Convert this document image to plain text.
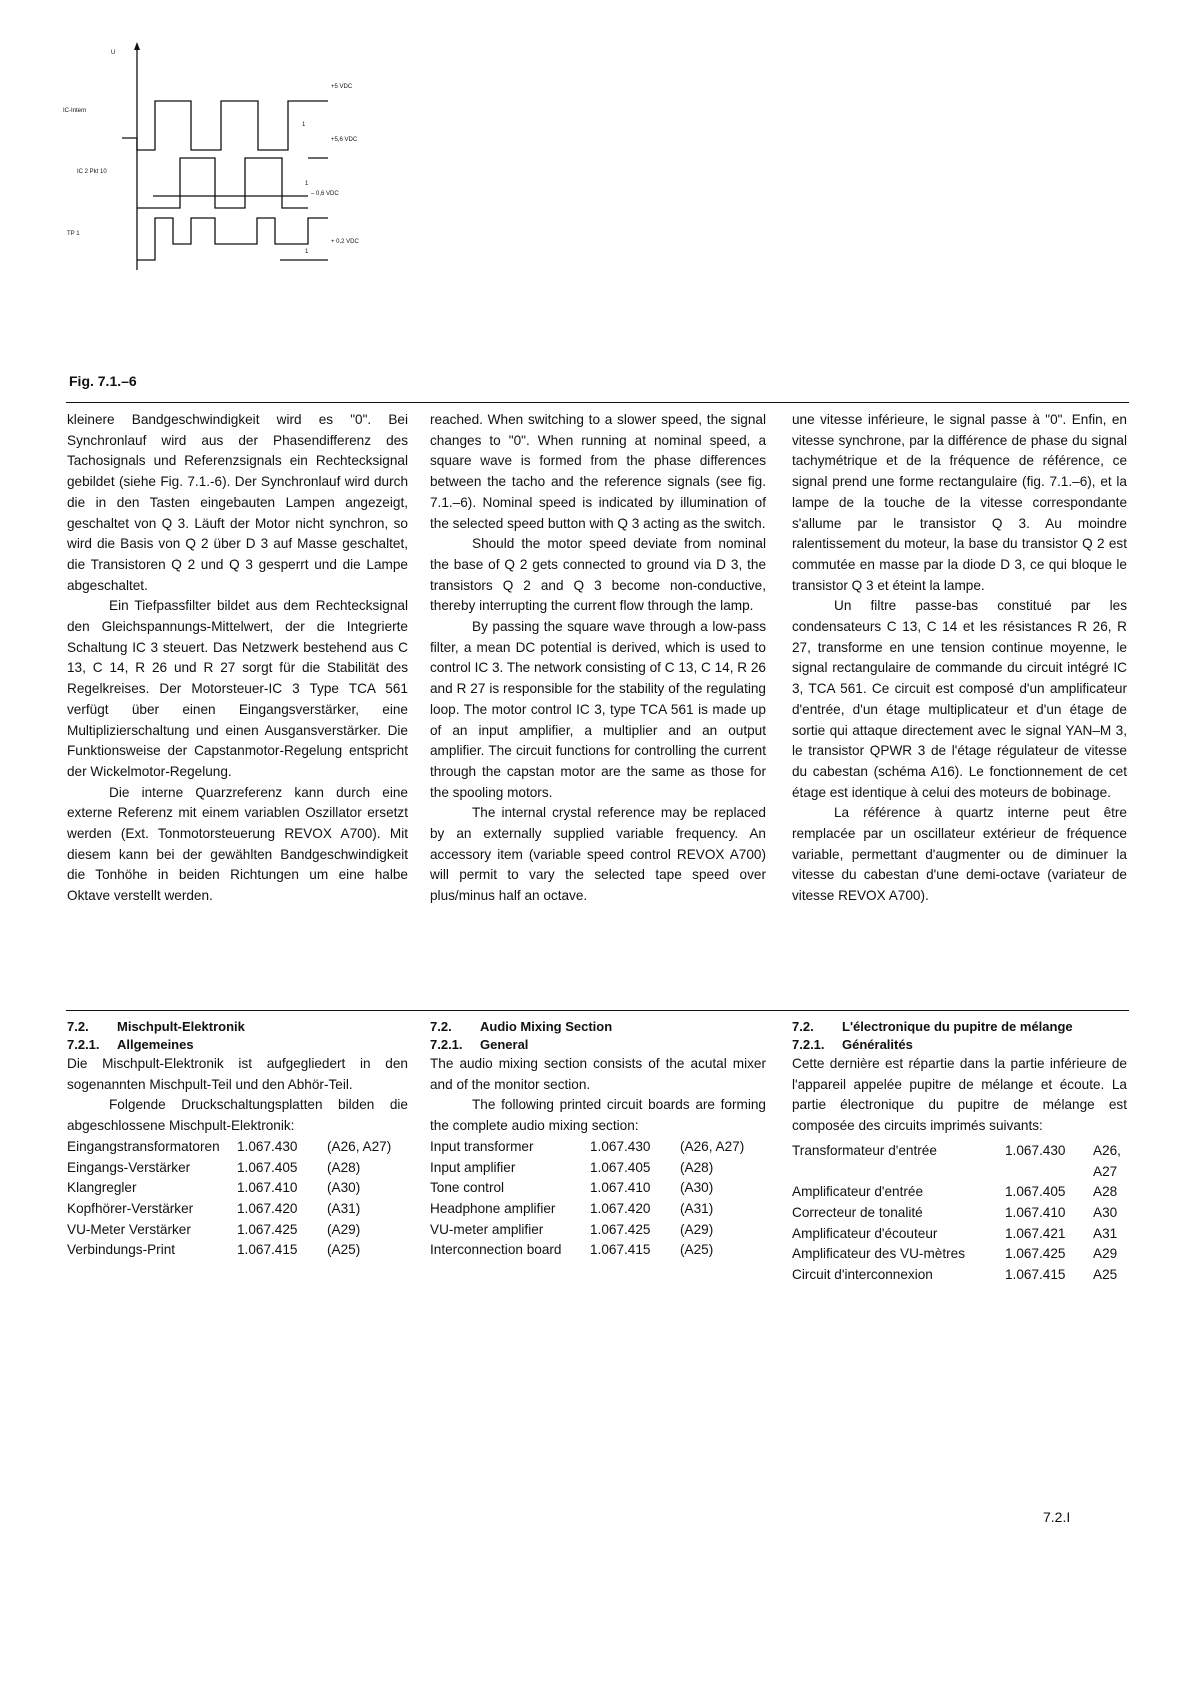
U
IC-Intern
+5 VDC
1
IC 2 Pkt 10
+5,6 VDC
1
– 0,6 VDC
TP 1
+ 0,2 VDC
1
Fig. 7.1.–6

kleinere Bandgeschwindigkeit wird es "0". Bei Synchronlauf wird aus der Phasendifferenz des Tachosignals und Referenzsignals ein Rechtecksignal gebildet (siehe Fig. 7.1.-6). Der Synchronlauf wird durch die in den Tasten eingebauten Lampen angezeigt, geschaltet von Q 3. Läuft der Motor nicht synchron, so wird die Basis von Q 2 über D 3 auf Masse geschaltet, die Transistoren Q 2 und Q 3 gesperrt und die Lampe abgeschaltet.

Ein Tiefpassfilter bildet aus dem Rechtecksignal den Gleichspannungs-Mittelwert, der die Integrierte Schaltung IC 3 steuert. Das Netzwerk bestehend aus C 13, C 14, R 26 und R 27 sorgt für die Stabilität des Regelkreises. Der Motorsteuer-IC 3 Type TCA 561 verfügt über einen Eingangsverstärker, eine Multiplizierschaltung und einen Ausgansverstärker. Die Funktionsweise der Capstanmotor-Regelung entspricht der Wickelmotor-Regelung.

Die interne Quarzreferenz kann durch eine externe Referenz mit einem variablen Oszillator ersetzt werden (Ext. Tonmotorsteuerung REVOX A700). Mit diesem kann bei der gewählten Bandgeschwindigkeit die Tonhöhe in beiden Richtungen um eine halbe Oktave verstellt werden.

reached. When switching to a slower speed, the signal changes to "0". When running at nominal speed, a square wave is formed from the phase differences between the tacho and the reference signals (see fig. 7.1.–6). Nominal speed is indicated by illumination of the selected speed button with Q 3 acting as the switch.

Should the motor speed deviate from nominal the base of Q 2 gets connected to ground via D 3, the transistors Q 2 and Q 3 become non-conductive, thereby interrupting the current flow through the lamp.

By passing the square wave through a low-pass filter, a mean DC potential is derived, which is used to control IC 3. The network consisting of C 13, C 14, R 26 and R 27 is responsible for the stability of the regulating loop. The motor control IC 3, type TCA 561 is made up of an input amplifier, a multiplier and an output amplifier. The circuit functions for controlling the current through the capstan motor are the same as those for the spooling motors.

The internal crystal reference may be replaced by an externally supplied variable frequency. An accessory item (variable speed control REVOX A700) will permit to vary the selected tape speed over plus/minus half an octave.

une vitesse inférieure, le signal passe à "0". Enfin, en vitesse synchrone, par la différence de phase du signal tachymétrique et de la fréquence de référence, ce signal prend une forme rectangulaire (fig. 7.1.–6), et la lampe de la touche de la vitesse correspondante s'allume par le transistor Q 3. Au moindre ralentissement du moteur, la base du transistor Q 2 est commutée en masse par la diode D 3, ce qui bloque le transistor Q 3 et éteint la lampe.

Un filtre passe-bas constitué par les condensateurs C 13, C 14 et les résistances R 26, R 27, transforme en une tension continue moyenne, le signal rectangulaire de commande du circuit intégré IC 3, TCA 561. Ce circuit est composé d'un amplificateur d'entrée, d'un étage multiplicateur et d'un étage de sortie qui attaque directement avec le signal YAN–M 3, le transistor QPWR 3 de l'étage régulateur de vitesse du cabestan (schéma A16). Le fonctionnement de cet étage est identique à celui des moteurs de bobinage.

La référence à quartz interne peut être remplacée par un oscillateur extérieur de fréquence variable, permettant d'augmenter ou de diminuer la vitesse du cabestan d'une demi-octave (variateur de vitesse REVOX A700).

7.2. Mischpult-Elektronik
7.2.1. Allgemeines

Die Mischpult-Elektronik ist aufgegliedert in den sogenannten Mischpult-Teil und den Abhör-Teil.

Folgende Druckschaltungsplatten bilden die abgeschlossene Mischpult-Elektronik:

Eingangstransformatoren	1.067.430	(A26, A27)
Eingangs-Verstärker	1.067.405	(A28)
Klangregler	1.067.410	(A30)
Kopfhörer-Verstärker	1.067.420	(A31)
VU-Meter Verstärker	1.067.425	(A29)
Verbindungs-Print	1.067.415	(A25)
7.2. Audio Mixing Section
7.2.1. General

The audio mixing section consists of the acutal mixer and of the monitor section.

The following printed circuit boards are forming the complete audio mixing section:

Input transformer	1.067.430	(A26, A27)
Input amplifier	1.067.405	(A28)
Tone control	1.067.410	(A30)
Headphone amplifier	1.067.420	(A31)
VU-meter amplifier	1.067.425	(A29)
Interconnection board	1.067.415	(A25)
7.2. L'électronique du pupitre de mélange
7.2.1. Généralités

Cette dernière est répartie dans la partie inférieure de l'appareil appelée pupitre de mélange et écoute. La partie électronique du pupitre de mélange est composée des circuits imprimés suivants:

Transformateur d'entrée	1.067.430	A26, A27
Amplificateur d'entrée	1.067.405	A28
Correcteur de tonalité	1.067.410	A30
Amplificateur d'écouteur	1.067.421	A31
Amplificateur des VU-mètres	1.067.425	A29
Circuit d'interconnexion	1.067.415	A25
7.2.I
